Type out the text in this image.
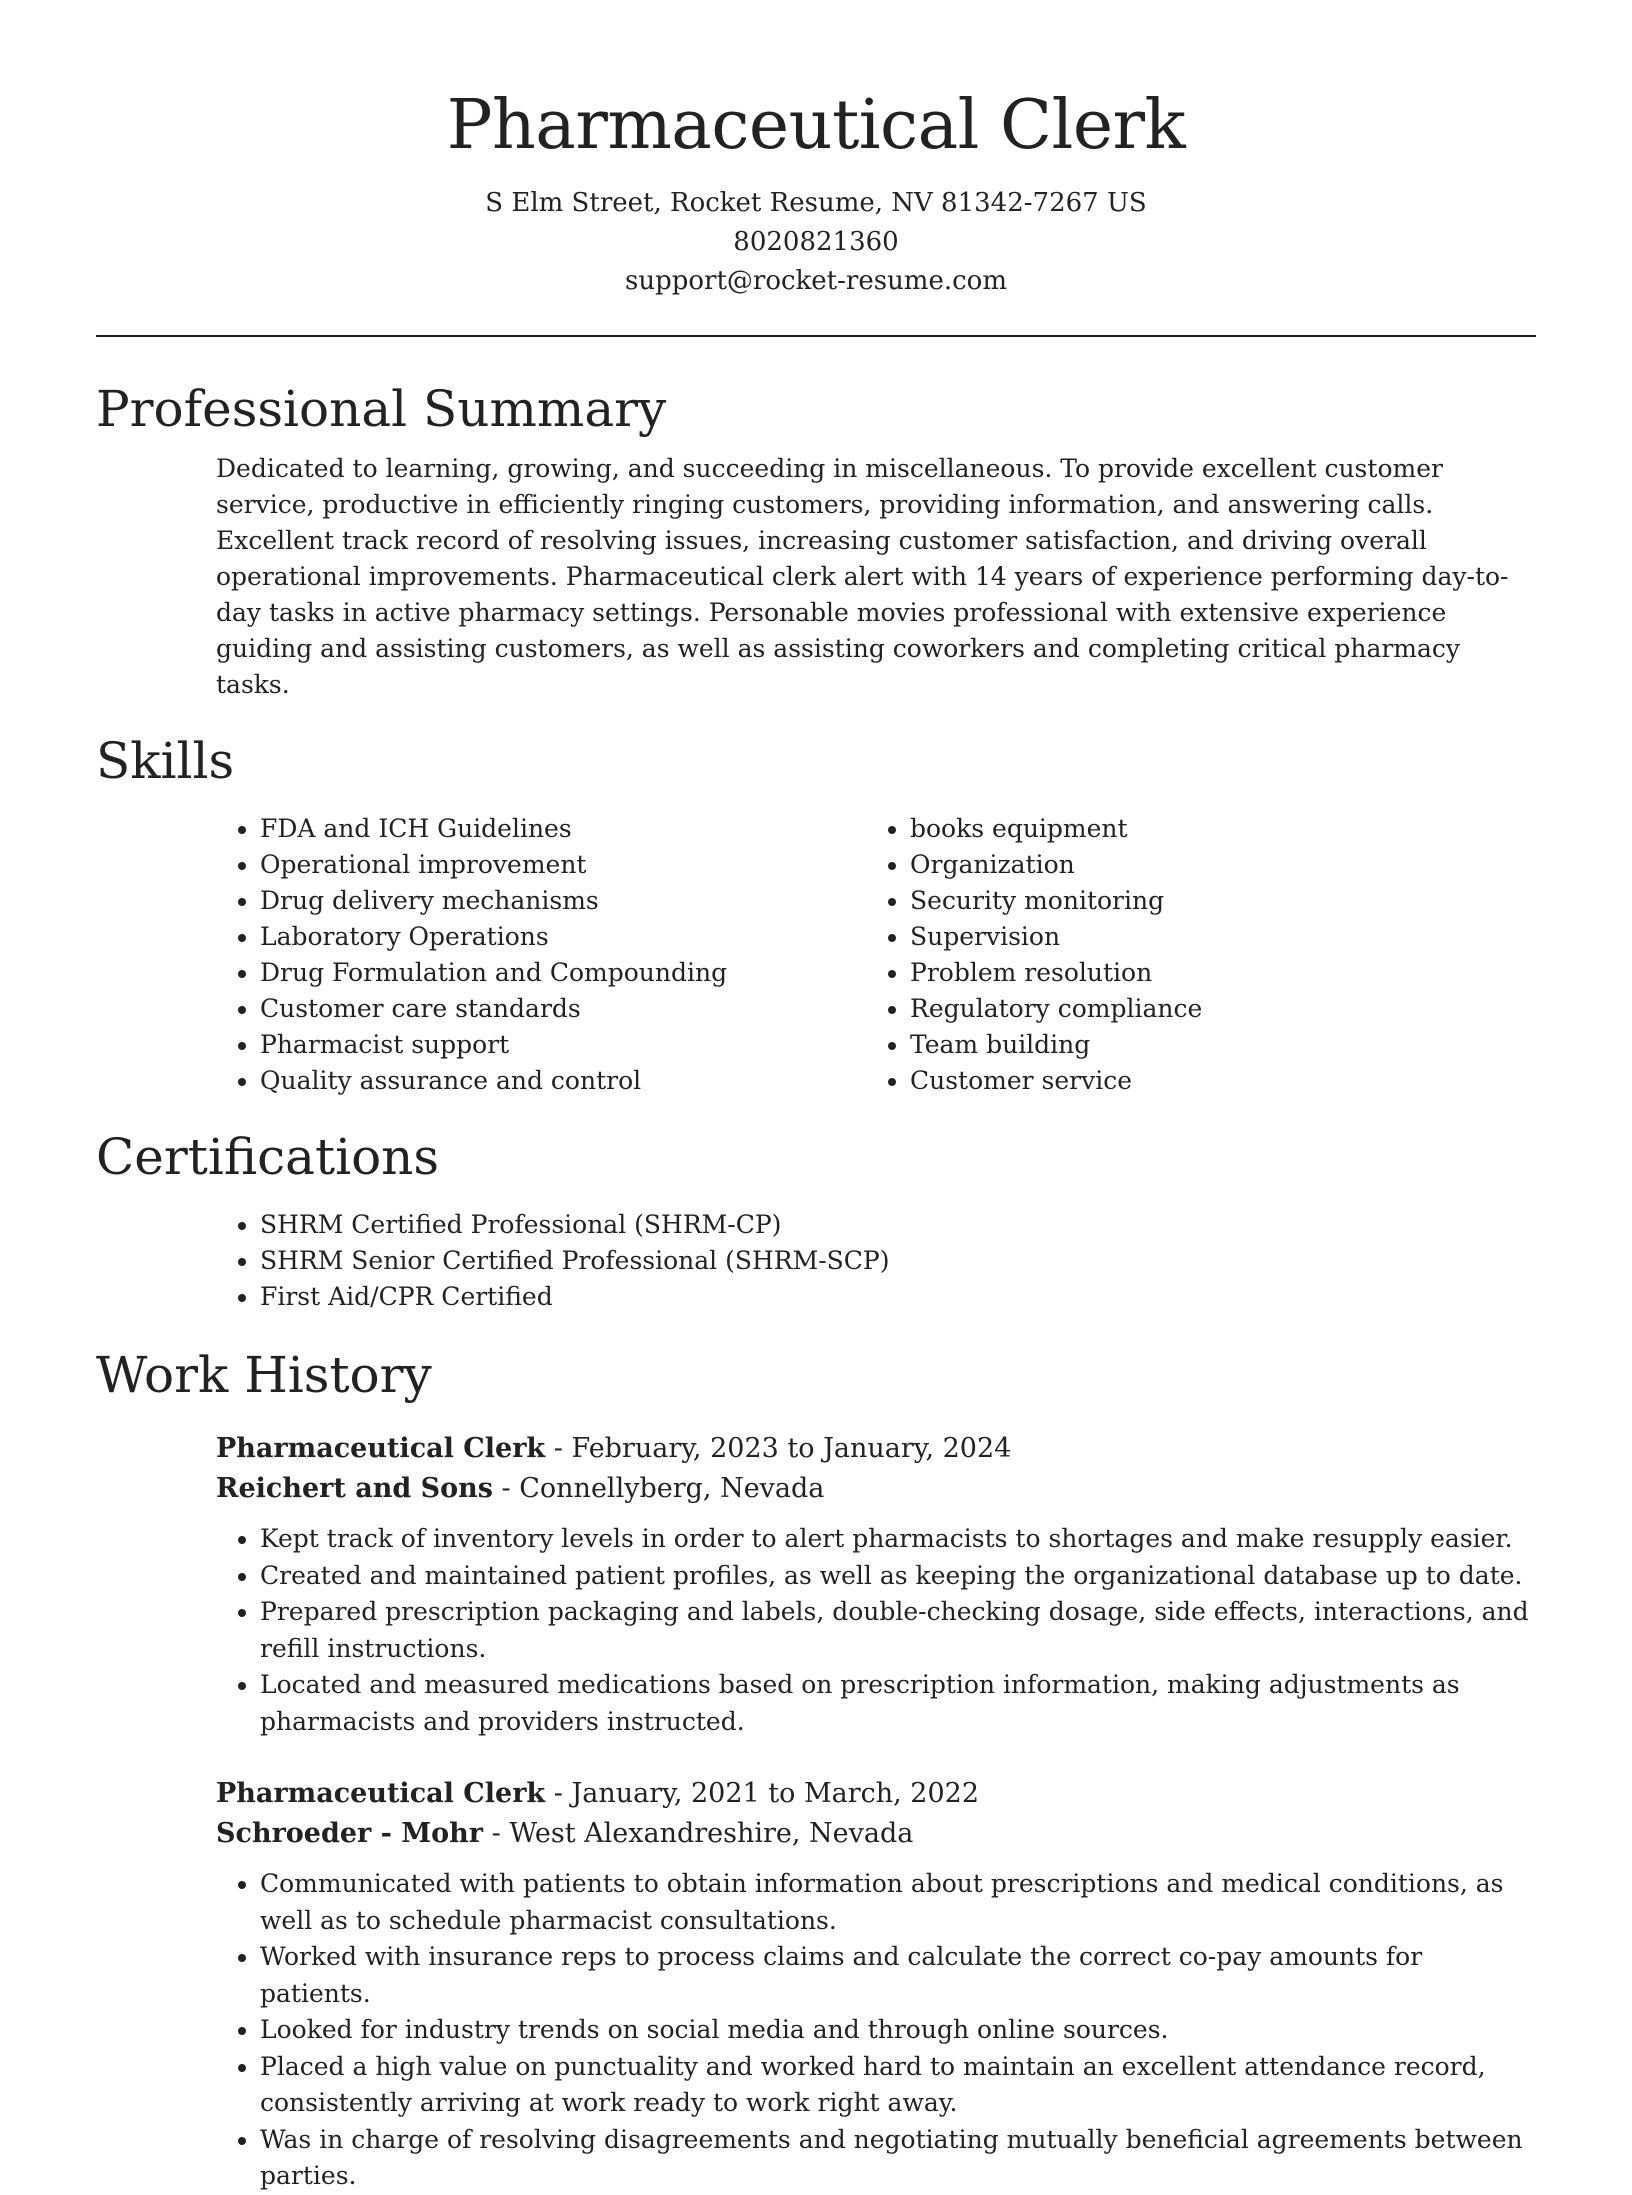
Pharmaceutical Clerk

S Elm Street, Rocket Resume, NV 81342-7267 US

8020821360

support@rocket-resume.com

Professional Summary

Dedicated to learning, growing, and succeeding in miscellaneous. To provide excellent customer service, productive in efficiently ringing customers, providing information, and answering calls. Excellent track record of resolving issues, increasing customer satisfaction, and driving overall operational improvements. Pharmaceutical clerk alert with 14 years of experience performing day-to-day tasks in active pharmacy settings. Personable movies professional with extensive experience guiding and assisting customers, as well as assisting coworkers and completing critical pharmacy tasks.

Skills
• FDA and ICH Guidelines
• Operational improvement
• Drug delivery mechanisms
• Laboratory Operations
• Drug Formulation and Compounding
• Customer care standards
• Pharmacist support
• Quality assurance and control
• books equipment
• Organization
• Security monitoring
• Supervision
• Problem resolution
• Regulatory compliance
• Team building
• Customer service
Certifications
• SHRM Certified Professional (SHRM-CP)
• SHRM Senior Certified Professional (SHRM-SCP)
• First Aid/CPR Certified
Work History

Pharmaceutical Clerk - February, 2023 to January, 2024

Reichert and Sons - Connellyberg, Nevada

• Kept track of inventory levels in order to alert pharmacists to shortages and make resupply easier.
• Created and maintained patient profiles, as well as keeping the organizational database up to date.
• Prepared prescription packaging and labels, double-checking dosage, side effects, interactions, and refill instructions.
• Located and measured medications based on prescription information, making adjustments as pharmacists and providers instructed.

Pharmaceutical Clerk - January, 2021 to March, 2022

Schroeder - Mohr - West Alexandreshire, Nevada

• Communicated with patients to obtain information about prescriptions and medical conditions, as well as to schedule pharmacist consultations.
• Worked with insurance reps to process claims and calculate the correct co-pay amounts for patients.
• Looked for industry trends on social media and through online sources.
• Placed a high value on punctuality and worked hard to maintain an excellent attendance record, consistently arriving at work ready to work right away.
• Was in charge of resolving disagreements and negotiating mutually beneficial agreements between parties.
